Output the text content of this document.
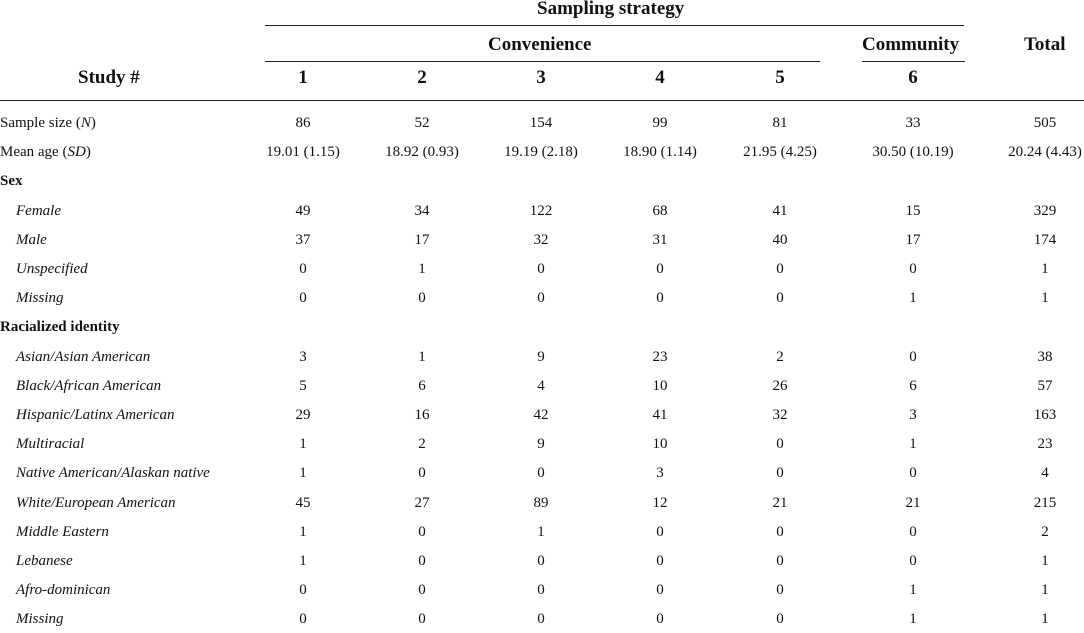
Sampling strategy
Convenience	Community	Total
Study #	1	2	3	4	5	6
Sample size (N)	86	52	154	99	81	33	505
Mean age (SD)	19.01 (1.15)	18.92 (0.93)	19.19 (2.18)	18.90 (1.14)	21.95 (4.25)	30.50 (10.19)	20.24 (4.43)
Sex
Female	49	34	122	68	41	15	329
Male	37	17	32	31	40	17	174
Unspecified	0	1	0	0	0	0	1
Missing	0	0	0	0	0	1	1
Racialized identity
Asian/Asian American	3	1	9	23	2	0	38
Black/African American	5	6	4	10	26	6	57
Hispanic/Latinx American	29	16	42	41	32	3	163
Multiracial	1	2	9	10	0	1	23
Native American/Alaskan native	1	0	0	3	0	0	4
White/European American	45	27	89	12	21	21	215
Middle Eastern	1	0	1	0	0	0	2
Lebanese	1	0	0	0	0	0	1
Afro-dominican	0	0	0	0	0	1	1
Missing	0	0	0	0	0	1	1
